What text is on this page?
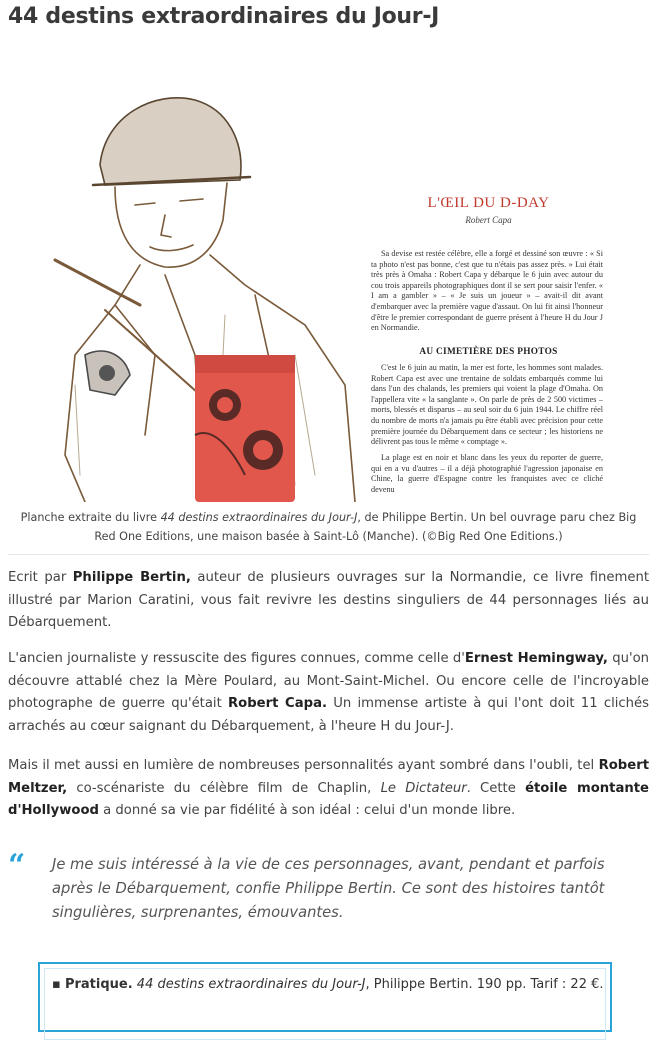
44 destins extraordinaires du Jour-J
L'ŒIL DU D-DAY
Robert Capa

Sa devise est restée célèbre, elle a forgé et dessiné son œuvre : « Si ta photo n'est pas bonne, c'est que tu n'étais pas assez près. » Lui était très près à Omaha : Robert Capa y débarque le 6 juin avec autour du cou trois appareils photographiques dont il se sert pour saisir l'enfer. « I am a gambler » – « Je suis un joueur » – avait-il dit avant d'embarquer avec la première vague d'assaut. On lui fit ainsi l'honneur d'être le premier correspondant de guerre présent à l'heure H du Jour J en Normandie.

AU CIMETIÈRE DES PHOTOS

C'est le 6 juin au matin, la mer est forte, les hommes sont malades. Robert Capa est avec une trentaine de soldats embarqués comme lui dans l'un des chalands, les premiers qui voient la plage d'Omaha. On l'appellera vite « la sanglante ». On parle de près de 2 500 victimes – morts, blessés et disparus – au seul soir du 6 juin 1944. Le chiffre réel du nombre de morts n'a jamais pu être établi avec précision pour cette première journée du Débarquement dans ce secteur ; les historiens ne délivrent pas tous le même « comptage ».

La plage est en noir et blanc dans les yeux du reporter de guerre, qui en a vu d'autres – il a déjà photographié l'agression japonaise en Chine, la guerre d'Espagne contre les franquistes avec ce cliché devenu

Planche extraite du livre 44 destins extraordinaires du Jour-J, de Philippe Bertin. Un bel ouvrage paru chez Big Red One Editions, une maison basée à Saint-Lô (Manche). (©Big Red One Editions.)

Ecrit par Philippe Bertin, auteur de plusieurs ouvrages sur la Normandie, ce livre finement illustré par Marion Caratini, vous fait revivre les destins singuliers de 44 personnages liés au Débarquement.

L'ancien journaliste y ressuscite des figures connues, comme celle d'Ernest Hemingway, qu'on découvre attablé chez la Mère Poulard, au Mont-Saint-Michel. Ou encore celle de l'incroyable photographe de guerre qu'était Robert Capa. Un immense artiste à qui l'ont doit 11 clichés arrachés au cœur saignant du Débarquement, à l'heure H du Jour-J.

Mais il met aussi en lumière de nombreuses personnalités ayant sombré dans l'oubli, tel Robert Meltzer, co-scénariste du célèbre film de Chaplin, Le Dictateur. Cette étoile montante d'Hollywood a donné sa vie par fidélité à son idéal : celui d'un monde libre.

“ Je me suis intéressé à la vie de ces personnages, avant, pendant et parfois après le Débarquement, confie Philippe Bertin. Ce sont des histoires tantôt singulières, surprenantes, émouvantes.

▪ Pratique. 44 destins extraordinaires du Jour-J, Philippe Bertin. 190 pp. Tarif : 22 €.
